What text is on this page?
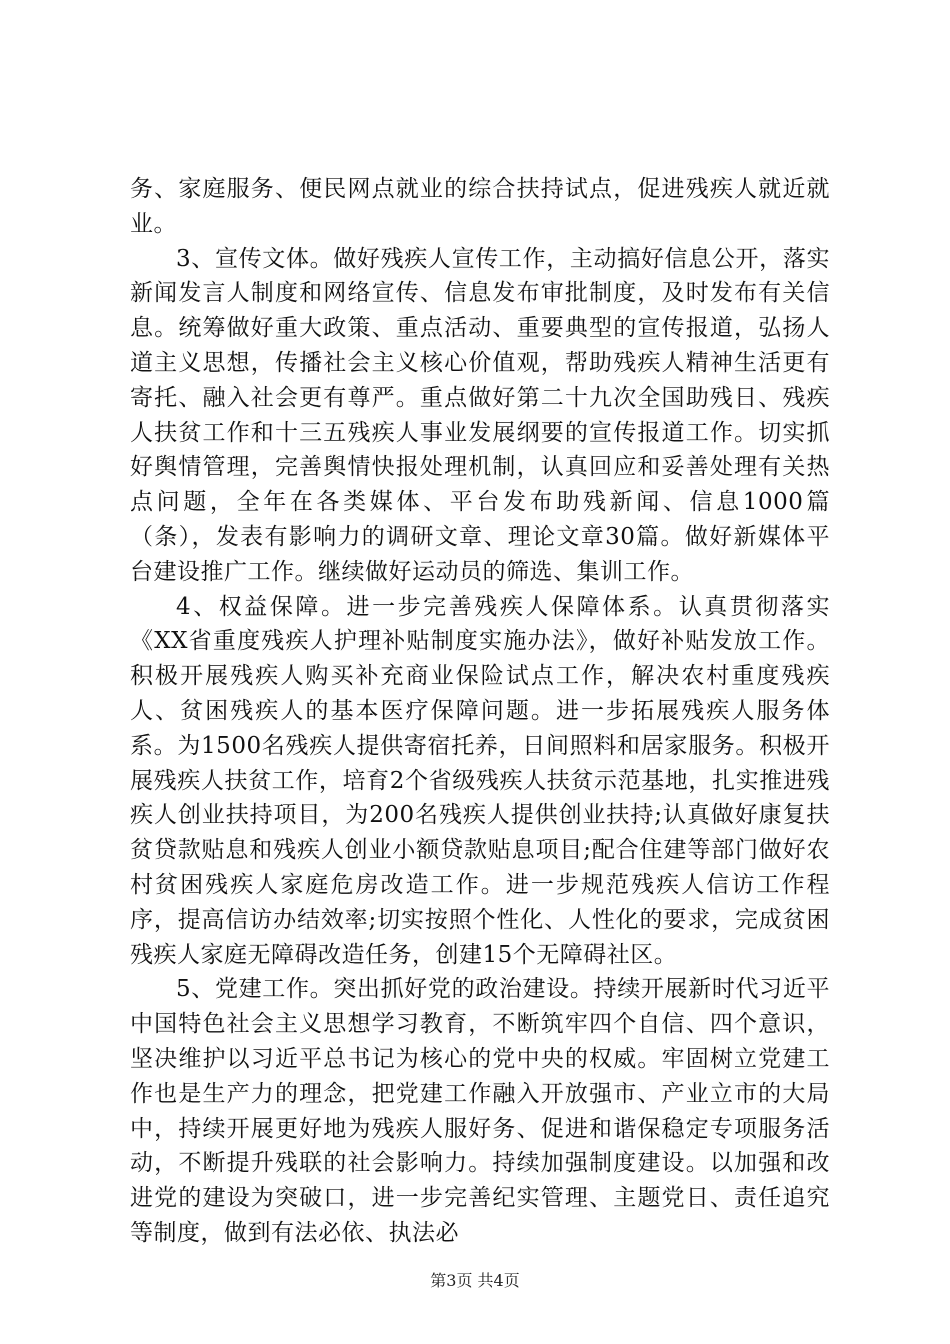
务、家庭服务、便民网点就业的综合扶持试点，促进残疾人就近就业。

3、宣传文体。做好残疾人宣传工作，主动搞好信息公开，落实新闻发言人制度和网络宣传、信息发布审批制度，及时发布有关信息。统筹做好重大政策、重点活动、重要典型的宣传报道，弘扬人道主义思想，传播社会主义核心价值观，帮助残疾人精神生活更有寄托、融入社会更有尊严。重点做好第二十九次全国助残日、残疾人扶贫工作和十三五残疾人事业发展纲要的宣传报道工作。切实抓好舆情管理，完善舆情快报处理机制，认真回应和妥善处理有关热点问题，全年在各类媒体、平台发布助残新闻、信息1000篇（条），发表有影响力的调研文章、理论文章30篇。做好新媒体平台建设推广工作。继续做好运动员的筛选、集训工作。

4、权益保障。进一步完善残疾人保障体系。认真贯彻落实《XX省重度残疾人护理补贴制度实施办法》，做好补贴发放工作。积极开展残疾人购买补充商业保险试点工作，解决农村重度残疾人、贫困残疾人的基本医疗保障问题。进一步拓展残疾人服务体系。为1500名残疾人提供寄宿托养，日间照料和居家服务。积极开展残疾人扶贫工作，培育2个省级残疾人扶贫示范基地，扎实推进残疾人创业扶持项目，为200名残疾人提供创业扶持;认真做好康复扶贫贷款贴息和残疾人创业小额贷款贴息项目;配合住建等部门做好农村贫困残疾人家庭危房改造工作。进一步规范残疾人信访工作程序，提高信访办结效率;切实按照个性化、人性化的要求，完成贫困残疾人家庭无障碍改造任务，创建15个无障碍社区。

5、党建工作。突出抓好党的政治建设。持续开展新时代习近平中国特色社会主义思想学习教育，不断筑牢四个自信、四个意识，坚决维护以习近平总书记为核心的党中央的权威。牢固树立党建工作也是生产力的理念，把党建工作融入开放强市、产业立市的大局中，持续开展更好地为残疾人服好务、促进和谐保稳定专项服务活动，不断提升残联的社会影响力。持续加强制度建设。以加强和改进党的建设为突破口，进一步完善纪实管理、主题党日、责任追究等制度，做到有法必依、执法必

第3页 共4页
